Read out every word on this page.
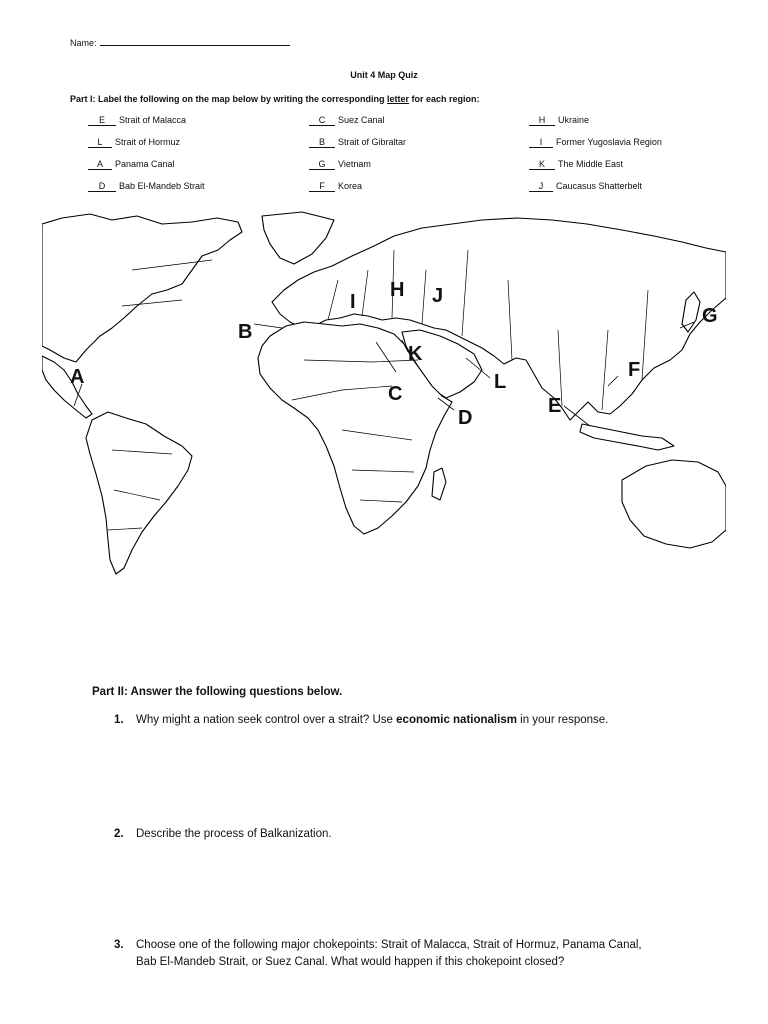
Name:
Unit 4 Map Quiz
Part I: Label the following on the map below by writing the corresponding letter for each region:
E Strait of Malacca
L Strait of Hormuz
A Panama Canal
D Bab El-Mandeb Strait
C Suez Canal
B Strait of Gibraltar
G Vietnam
F Korea
H Ukraine
I Former Yugoslavia Region
K The Middle East
J Caucasus Shatterbelt
A
B
C
D
E
F
G
H
I	J
K
L
Part II: Answer the following questions below.
1. Why might a nation seek control over a strait? Use economic nationalism in your response.
2. Describe the process of Balkanization.
3. Choose one of the following major chokepoints: Strait of Malacca, Strait of Hormuz, Panama Canal, Bab El-Mandeb Strait, or Suez Canal. What would happen if this chokepoint closed?
